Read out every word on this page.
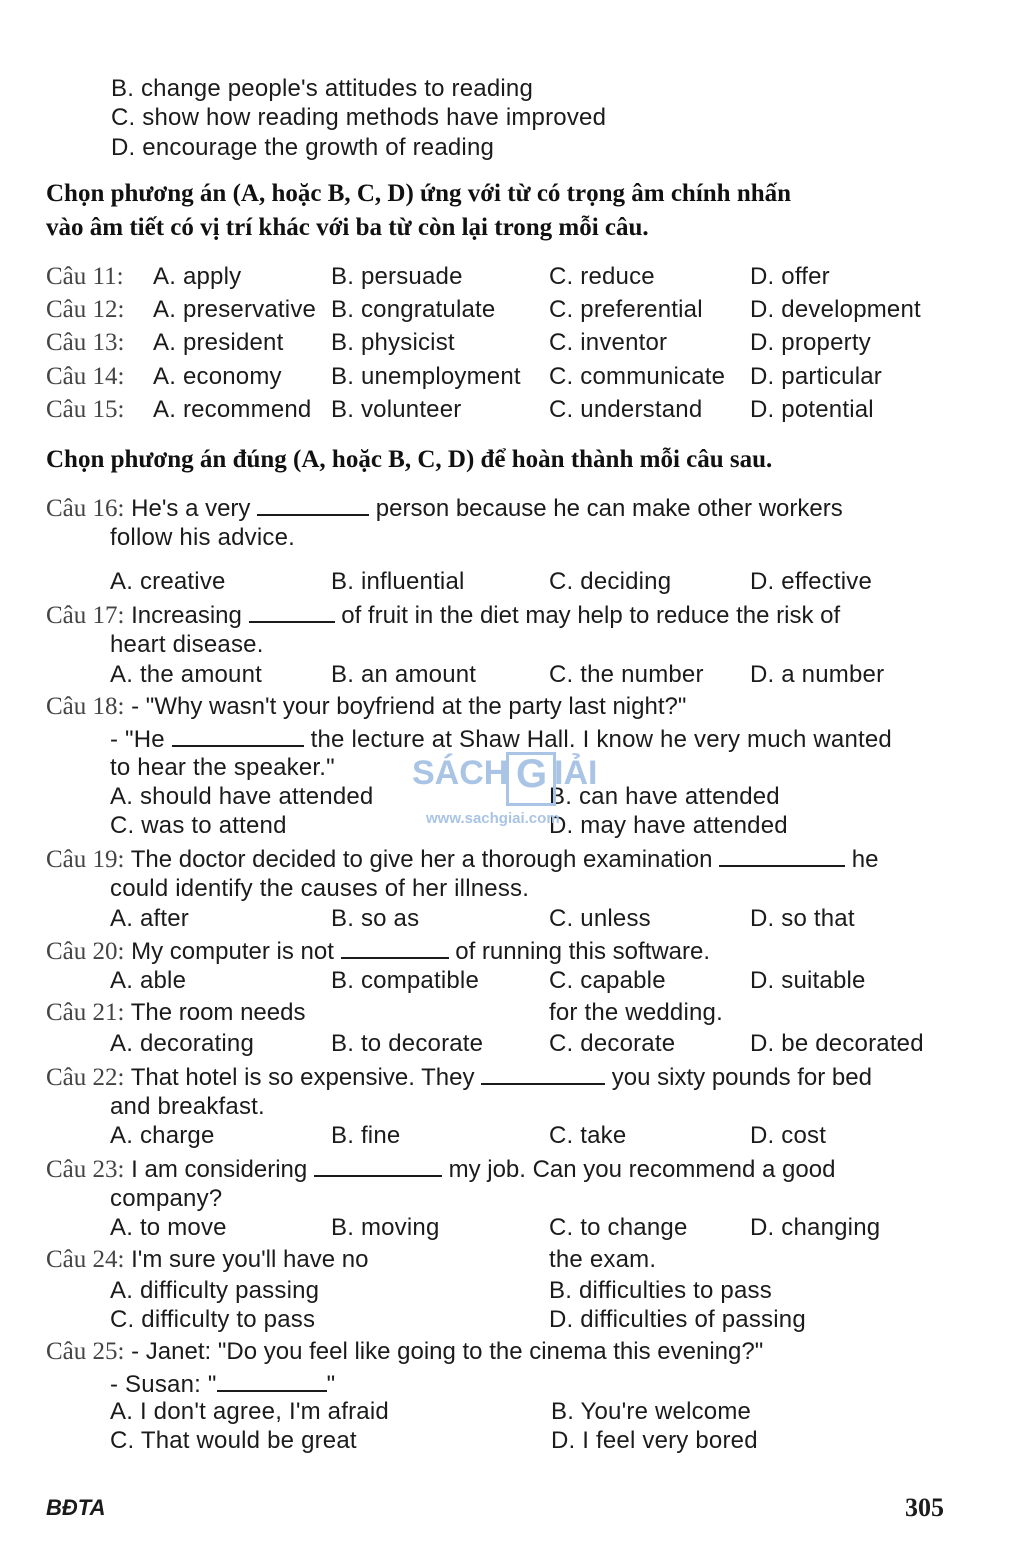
B. change people's attitudes to reading
C. show how reading methods have improved
D. encourage the growth of reading
Chọn phương án (A, hoặc B, C, D) ứng với từ có trọng âm chính nhấn
vào âm tiết có vị trí khác với ba từ còn lại trong mỗi câu.
Câu 11: A. apply	B. persuade	C. reduce	D. offer
Câu 12: A. preservative B. congratulate C. preferential D. development
Câu 13: A. president B. physicist	C. inventor	D. property
Câu 14: A. economy B. unemployment C. communicate D. particular
Câu 15: A. recommend B. volunteer	C. understand D. potential
Chọn phương án đúng (A, hoặc B, C, D) để hoàn thành mỗi câu sau.
Câu 16: He's a very	person because he can make other workers
follow his advice.
A. creative	B. influential	C. deciding	D. effective
Câu 17: Increasing	of fruit in the diet may help to reduce the risk of
heart disease.
A. the amount	B. an amount	C. the number D. a number
Câu 18: - "Why wasn't your boyfriend at the party last night?"
- "He	the lecture at Shaw Hall. I know he very much wanted
to hear the speaker."
A. should have attended	B. can have attended
C. was to attend	D. may have attended
SÁCH G IẢI
www.sachgiai.com
Câu 19: The doctor decided to give her a thorough examination	he
could identify the causes of her illness.
A. after	B. so as	C. unless	D. so that
Câu 20: My computer is not	of running this software.
A. able	B. compatible	C. capable	D. suitable
Câu 21: The room needs	for the wedding.
A. decorating	B. to decorate	C. decorate	D. be decorated
Câu 22: That hotel is so expensive. They	you sixty pounds for bed
and breakfast.
A. charge	B. fine	C. take	D. cost
Câu 23: I am considering	my job. Can you recommend a good
company?
A. to move	B. moving	C. to change	D. changing
Câu 24: I'm sure you'll have no	the exam.
A. difficulty passing	B. difficulties to pass
C. difficulty to pass	D. difficulties of passing
Câu 25: - Janet: "Do you feel like going to the cinema this evening?"
- Susan: "	"
A. I don't agree, I'm afraid	B. You're welcome
C. That would be great	D. I feel very bored
BĐTA	305
